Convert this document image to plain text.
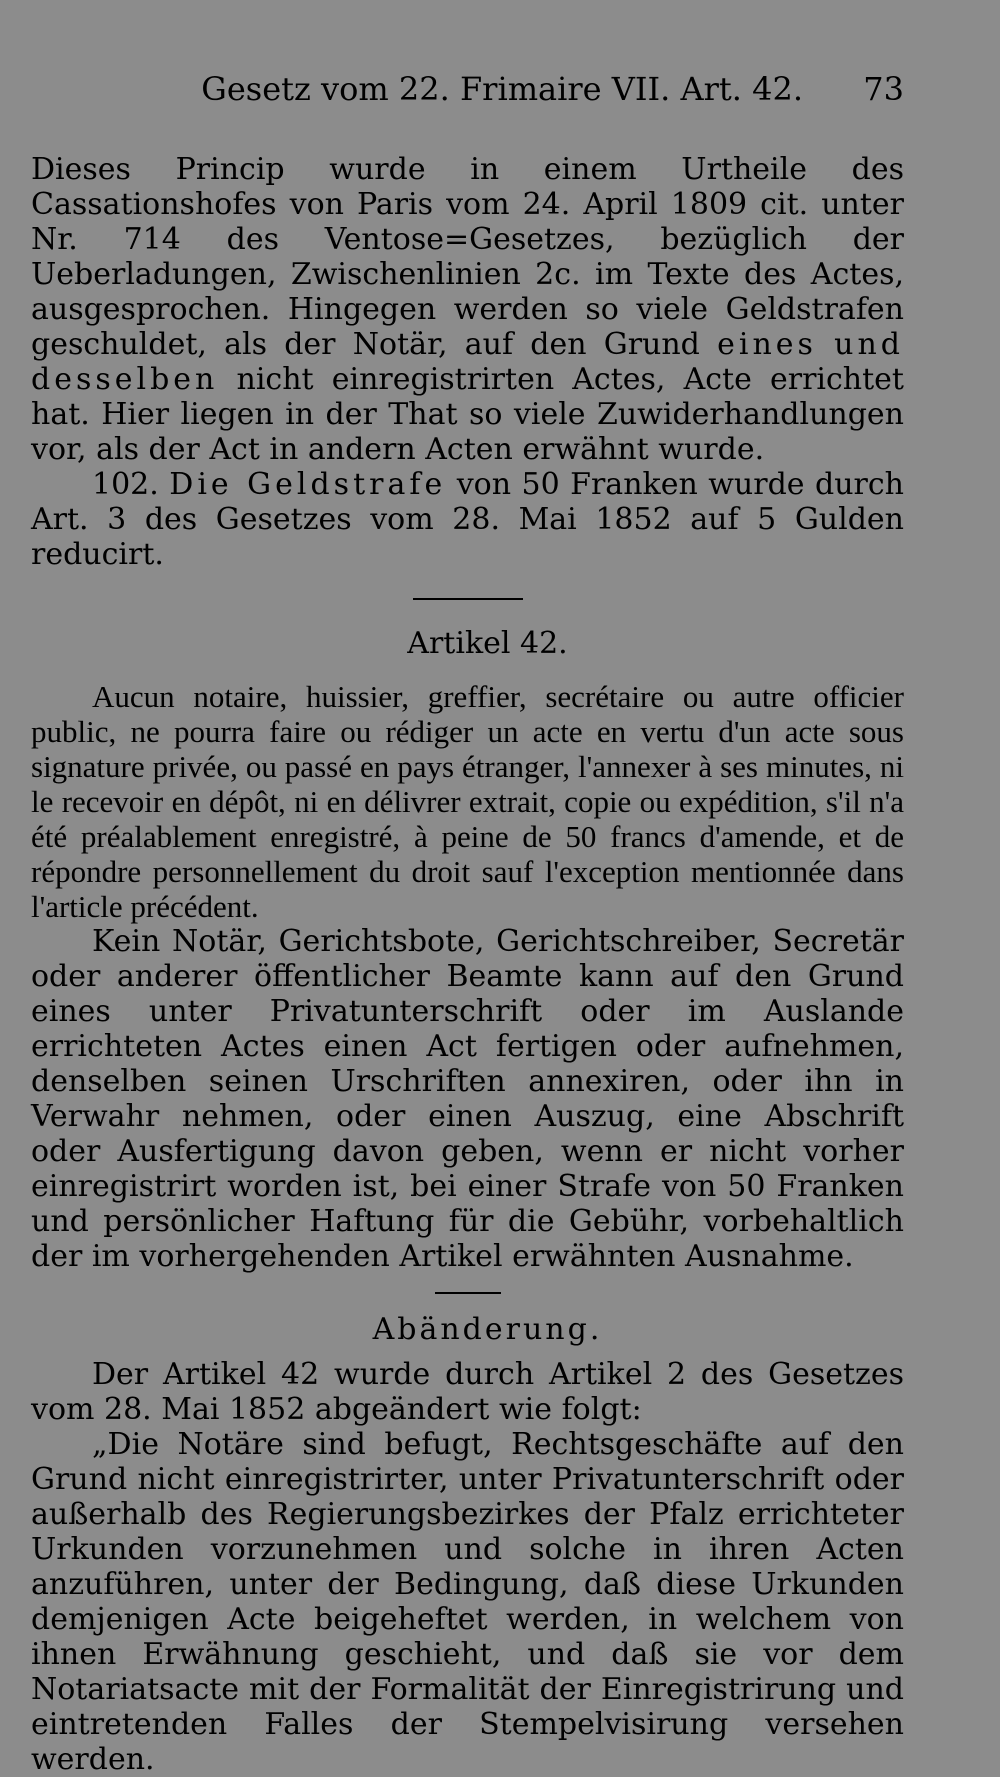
Gesetz vom 22. Frimaire VII. Art. 42.	73

Dieses Princip wurde in einem Urtheile des Cassationshofes von Paris vom 24. April 1809 cit. unter Nr. 714 des Ventose=Gesetzes, bezüglich der Ueberladungen, Zwischenlinien 2c. im Texte des Actes, ausgesprochen. Hingegen werden so viele Geldstrafen geschuldet, als der Notär, auf den Grund eines und desselben nicht einregistrirten Actes, Acte errichtet hat. Hier liegen in der That so viele Zuwiderhandlungen vor, als der Act in andern Acten erwähnt wurde.

102. Die Geldstrafe von 50 Franken wurde durch Art. 3 des Gesetzes vom 28. Mai 1852 auf 5 Gulden reducirt.

Artikel 42.

Aucun notaire, huissier, greffier, secrétaire ou autre officier public, ne pourra faire ou rédiger un acte en vertu d'un acte sous signature privée, ou passé en pays étranger, l'annexer à ses minutes, ni le recevoir en dépôt, ni en délivrer extrait, copie ou expédition, s'il n'a été préalablement enregistré, à peine de 50 francs d'amende, et de répondre personnellement du droit sauf l'exception mentionnée dans l'article précédent.

Kein Notär, Gerichtsbote, Gerichtschreiber, Secretär oder anderer öffentlicher Beamte kann auf den Grund eines unter Privatunterschrift oder im Auslande errichteten Actes einen Act fertigen oder aufnehmen, denselben seinen Urschriften annexiren, oder ihn in Verwahr nehmen, oder einen Auszug, eine Abschrift oder Ausfertigung davon geben, wenn er nicht vorher einregistrirt worden ist, bei einer Strafe von 50 Franken und persönlicher Haftung für die Gebühr, vorbehaltlich der im vorhergehenden Artikel erwähnten Ausnahme.

Abänderung.

Der Artikel 42 wurde durch Artikel 2 des Gesetzes vom 28. Mai 1852 abgeändert wie folgt:

„Die Notäre sind befugt, Rechtsgeschäfte auf den Grund nicht einregistrirter, unter Privatunterschrift oder außerhalb des Regierungsbezirkes der Pfalz errichteter Urkunden vorzunehmen und solche in ihren Acten anzuführen, unter der Bedingung, daß diese Urkunden demjenigen Acte beigeheftet werden, in welchem von ihnen Erwähnung geschieht, und daß sie vor dem Notariatsacte mit der Formalität der Einregistrirung und eintretenden Falles der Stempelvisirung versehen werden.
